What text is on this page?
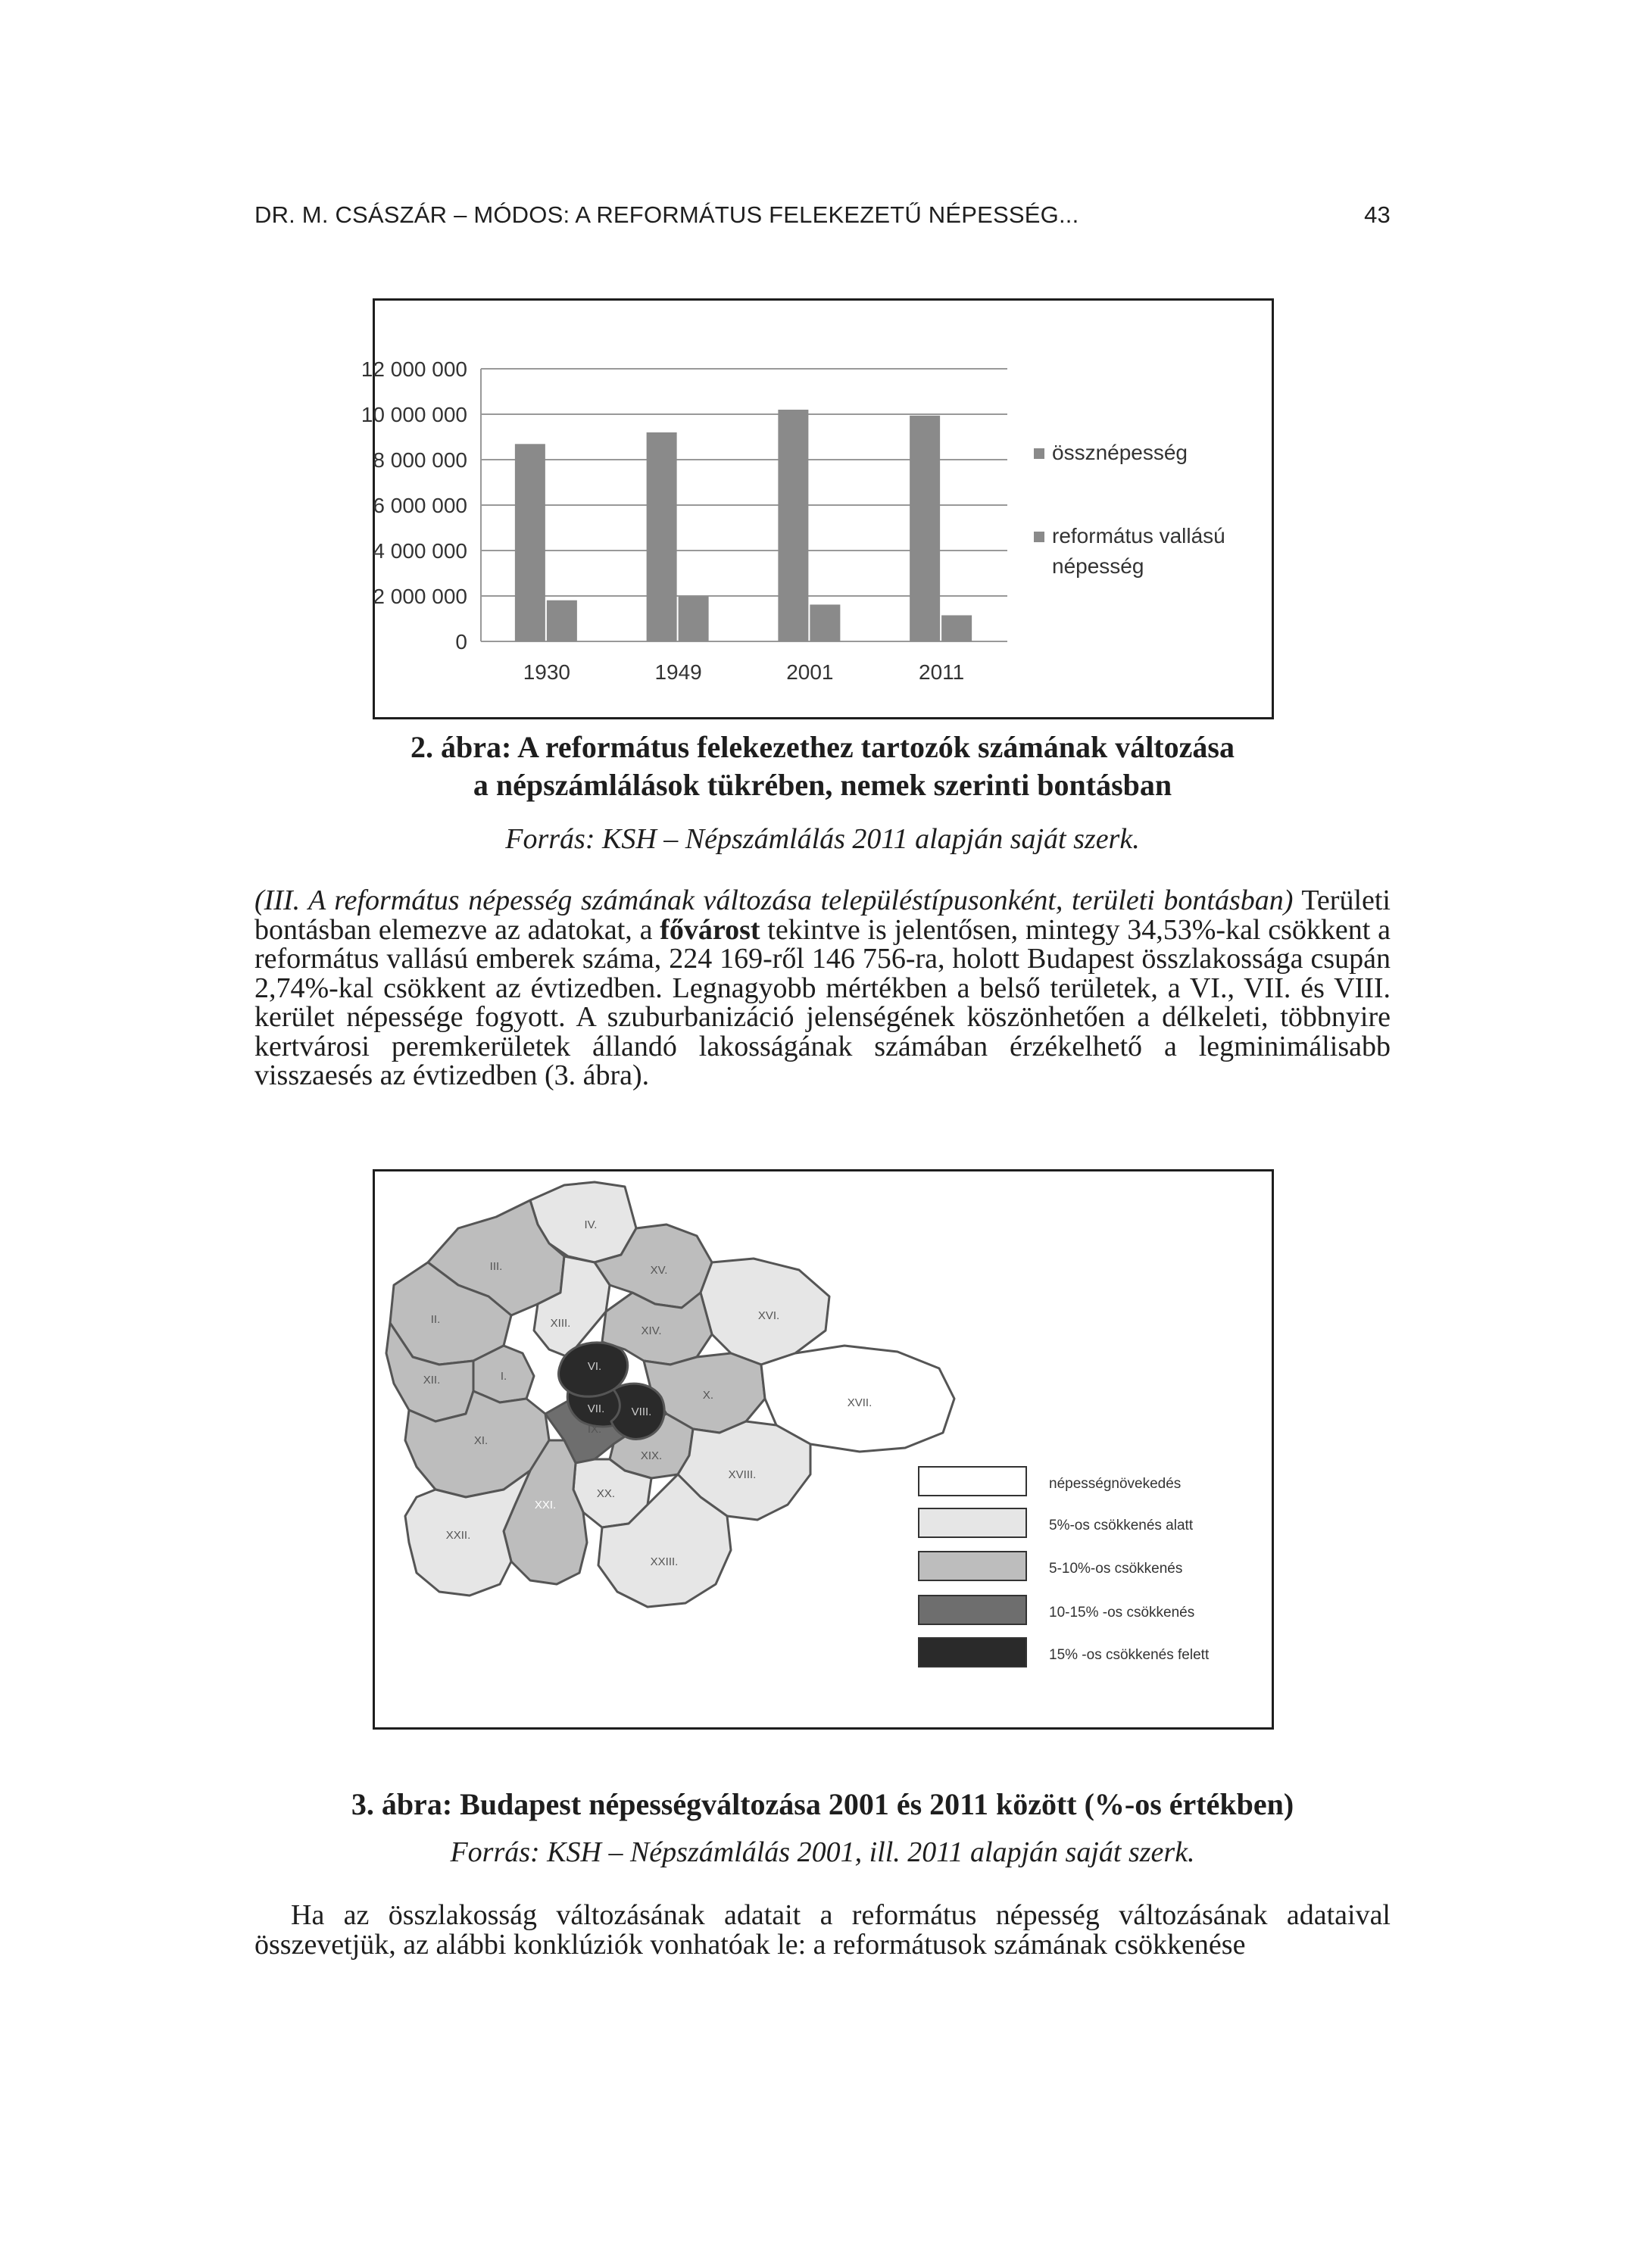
DR. M. CSÁSZÁR – MÓDOS: A REFORMÁTUS FELEKEZETŰ NÉPESSÉG...	43
0
2 000 000
4 000 000
6 000 000
8 000 000
10 000 000
12 000 000
1930	1949	2001	2011
össznépesség
református vallású
népesség
2. ábra: A református felekezethez tartozók számának változása
a népszámlálások tükrében, nemek szerinti bontásban
Forrás: KSH – Népszámlálás 2011 alapján saját szerk.

(III. A református népesség számának változása településtípusonként, területi bontásban) Területi bontásban elemezve az adatokat, a fővárost tekintve is jelentősen, mintegy 34,53%-kal csökkent a református vallású emberek száma, 224 169-ről 146 756-ra, holott Budapest összlakossága csupán 2,74%-kal csökkent az évtizedben. Legnagyobb mértékben a belső területek, a VI., VII. és VIII. kerület népessége fogyott. A szuburbanizáció jelenségének köszönhetően a délkeleti, többnyire kertvárosi peremkerületek állandó lakosságának számában érzékelhető a legminimálisabb visszaesés az évtizedben (3. ábra).

IV.
III.	XV.
II.	XIII.
XVI.
XIV.
VI.
XII.	I.
VII. VIII.
X.
XVII.
XI.
IX.
XIX.
XX.
XVIII.
XXI.
XXII.
XXIII.
népességnövekedés
5%-os csökkenés alatt
5-10%-os csökkenés
10-15% -os csökkenés
15% -os csökkenés felett
3. ábra: Budapest népességváltozása 2001 és 2011 között (%-os értékben)
Forrás: KSH – Népszámlálás 2001, ill. 2011 alapján saját szerk.

Ha az összlakosság változásának adatait a református népesség változásának adataival összevetjük, az alábbi konklúziók vonhatóak le: a reformátusok számának csökkenése
